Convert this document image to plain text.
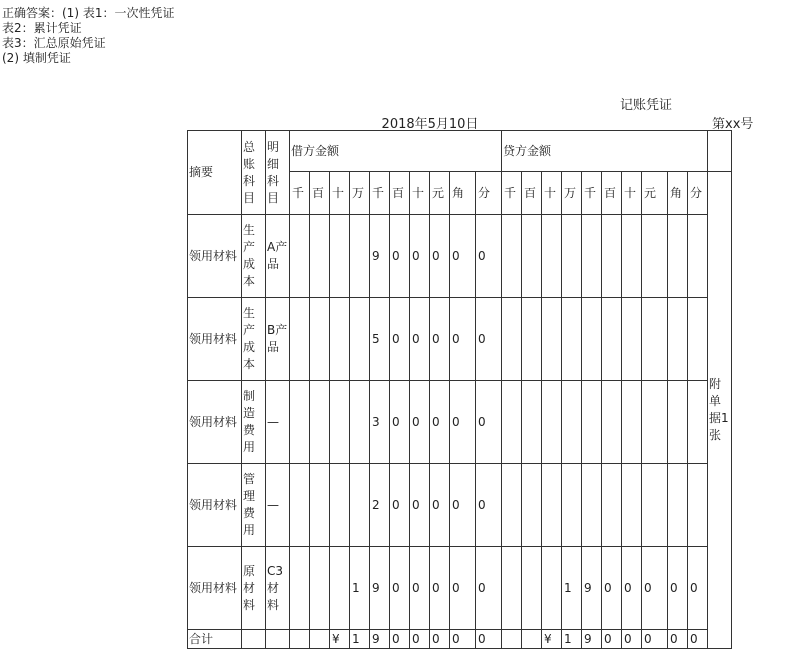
正确答案：(1) 表1：一次性凭证
表2：累计凭证
表3：汇总原始凭证
(2) 填制凭证
记账凭证
2018年5月10日	第xx号
摘要	总账科目	明细科目	借方金额										贷方金额										
			千	百	十	万	千	百	十	元	角	分	千	百	十	万	千	百	十	元	角	分	附单据1张
领用材料	生产成本	A产品					9	0	0	0	0	0											
领用材料	生产成本	B产品					5	0	0	0	0	0											
领用材料	制造费用	—					3	0	0	0	0	0											
领用材料	管理费用	—					2	0	0	0	0	0											
领用材料	原材料	C3材料				1	9	0	0	0	0	0				1	9	0	0	0	0	0	
合计					¥	1	9	0	0	0	0	0			¥	1	9	0	0	0	0	0	
